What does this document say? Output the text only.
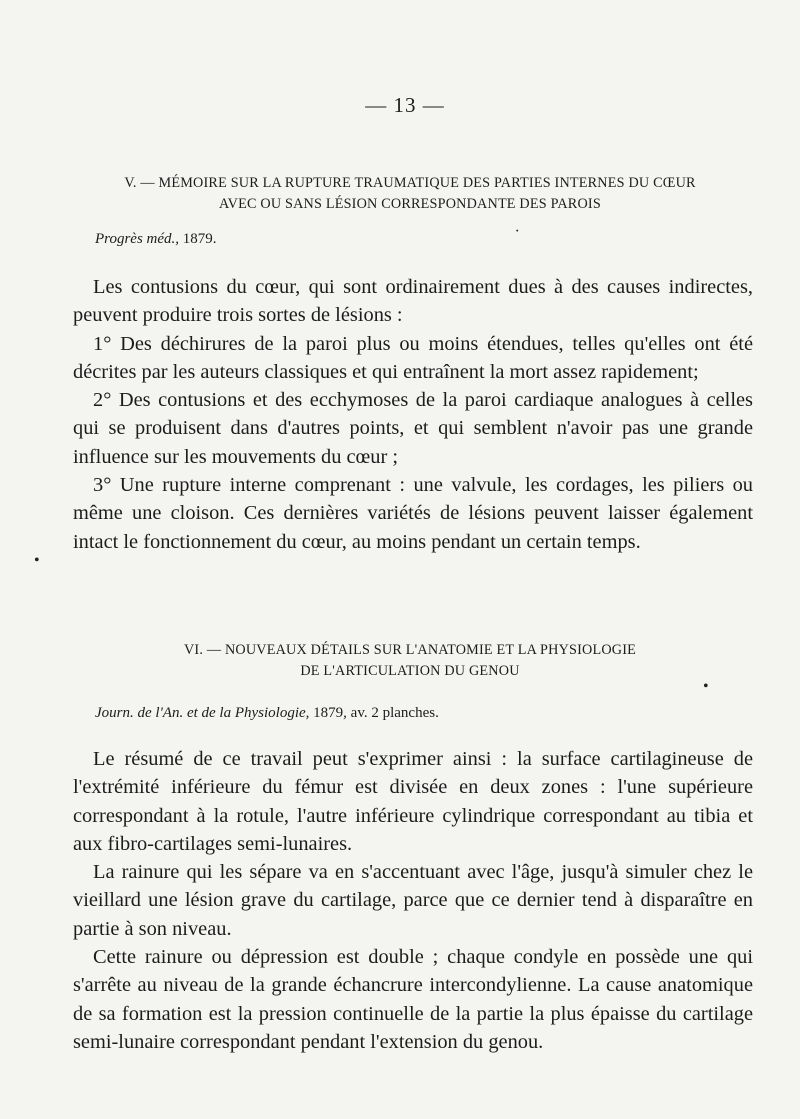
— 13 —
V. — MÉMOIRE SUR LA RUPTURE TRAUMATIQUE DES PARTIES INTERNES DU CŒUR
AVEC OU SANS LÉSION CORRESPONDANTE DES PAROIS
Progrès méd., 1879.	·

Les contusions du cœur, qui sont ordinairement dues à des causes indirectes, peuvent produire trois sortes de lésions :

1° Des déchirures de la paroi plus ou moins étendues, telles qu'elles ont été décrites par les auteurs classiques et qui entraînent la mort assez rapidement;

2° Des contusions et des ecchymoses de la paroi cardiaque analogues à celles qui se produisent dans d'autres points, et qui semblent n'avoir pas une grande influence sur les mouvements du cœur ;

3° Une rupture interne comprenant : une valvule, les cordages, les piliers ou même une cloison. Ces dernières variétés de lésions peuvent laisser également intact le fonctionnement du cœur, au moins pendant un certain temps.

•
VI. — NOUVEAUX DÉTAILS SUR L'ANATOMIE ET LA PHYSIOLOGIE
DE L'ARTICULATION DU GENOU
•
Journ. de l'An. et de la Physiologie, 1879, av. 2 planches.

Le résumé de ce travail peut s'exprimer ainsi : la surface cartilagineuse de l'extrémité inférieure du fémur est divisée en deux zones : l'une supérieure correspondant à la rotule, l'autre inférieure cylindrique correspondant au tibia et aux fibro-cartilages semi-lunaires.

La rainure qui les sépare va en s'accentuant avec l'âge, jusqu'à simuler chez le vieillard une lésion grave du cartilage, parce que ce dernier tend à disparaître en partie à son niveau.

Cette rainure ou dépression est double ; chaque condyle en possède une qui s'arrête au niveau de la grande échancrure intercondylienne. La cause anatomique de sa formation est la pression continuelle de la partie la plus épaisse du cartilage semi-lunaire correspondant pendant l'extension du genou.
